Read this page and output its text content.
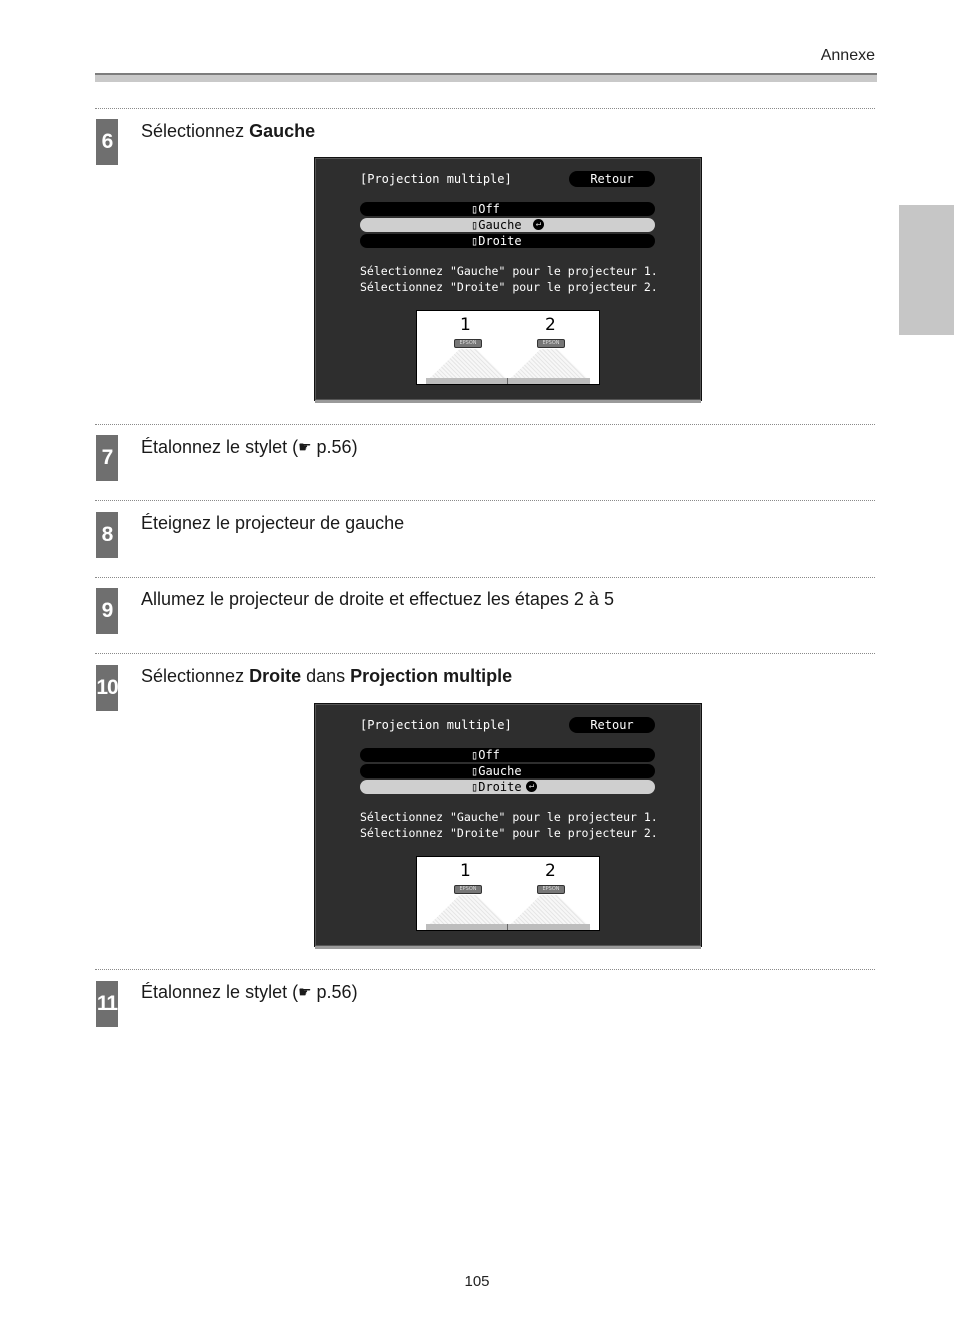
Annexe
6	Sélectionnez Gauche
[Projection multiple]	Retour
▯Off
▯Gauche	↵
▯Droite
Sélectionnez "Gauche" pour le projecteur 1.
Sélectionnez "Droite" pour le projecteur 2.
1	2
EPSON	EPSON
7	Étalonnez le stylet (☛ p.56)
8	Éteignez le projecteur de gauche
9	Allumez le projecteur de droite et effectuez les étapes 2 à 5
10 Sélectionnez Droite dans Projection multiple
[Projection multiple]	Retour
▯Off
▯Gauche
▯Droite ↵
Sélectionnez "Gauche" pour le projecteur 1.
Sélectionnez "Droite" pour le projecteur 2.
1	2
EPSON	EPSON
11 Étalonnez le stylet (☛ p.56)
105
